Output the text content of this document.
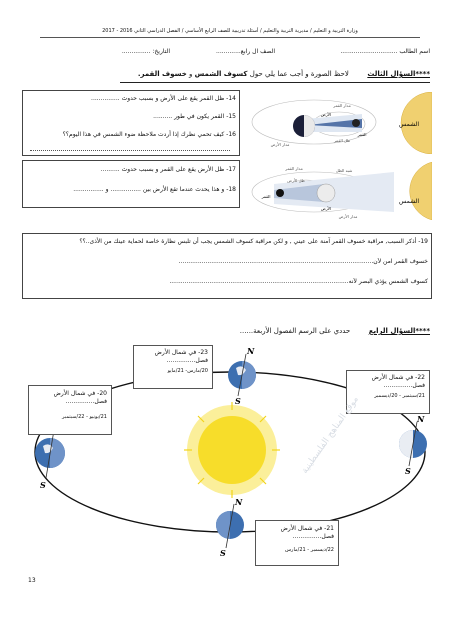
وزارة التربية و التعليم / مديرية التربية والتعليم / أسئلة تدريبية للصف الرابع الأساسي / الفصل الدراسي الثاني 2016 - 2017
اسم الطالب ..............................
الصف ال رابع.............
التاريخ: ...............
****السؤال الثالث  لاحظ الصورة و أجب عما يلي حول كسوف الشمس و خسوف القمر.
14- ظل القمر يقع على الأرض و بسبب حدوث ...............
15- القمر يكون في طور ..........
16- كيف تحمي نظرك إذا أردت ملاحظة ضوء الشمس في هذا اليوم؟؟
الشمس
الأرض
القمر
ظل القمر
مدار الأرض
مدار القمر
17- ظل الأرض يقع على القمر و بسبب حدوث ..........
18- و هذا يحدث عندما تقع الأرض بين ................ و ................
الشمس
الأرض
القمر
ظل الأرض
شبه الظل
مدار الأرض
مدار القمر
19- أذكر السبب, مراقبة خسوف القمر آمنة على عيني , و لكن مراقبة كسوف الشمس يجب أن تلبس نظارة خاصة لحماية عينك من الأذى..؟؟
خسوف القمر آمن لأن......................................................................................................
كسوف الشمس يؤذي البصر لأنه..............................................................................................
****السؤال الرابع  حددي على الرسم الفصول الأربعة......
N
S
N
S
S
N
S
23- في شمال الأرض
فصل...............
20/مارس- 21/مايو
22- في شمال الأرض
فصل...............
21/سبتمبر - 20/ديسمبر
20- في شمال الأرض
فصل...............
21/يونيو - 22/سبتمبر
21- في شمال الأرض
فصل...............
22/ديسمبر - 21/مارس
موقع المناهج الفلسطينية
13
